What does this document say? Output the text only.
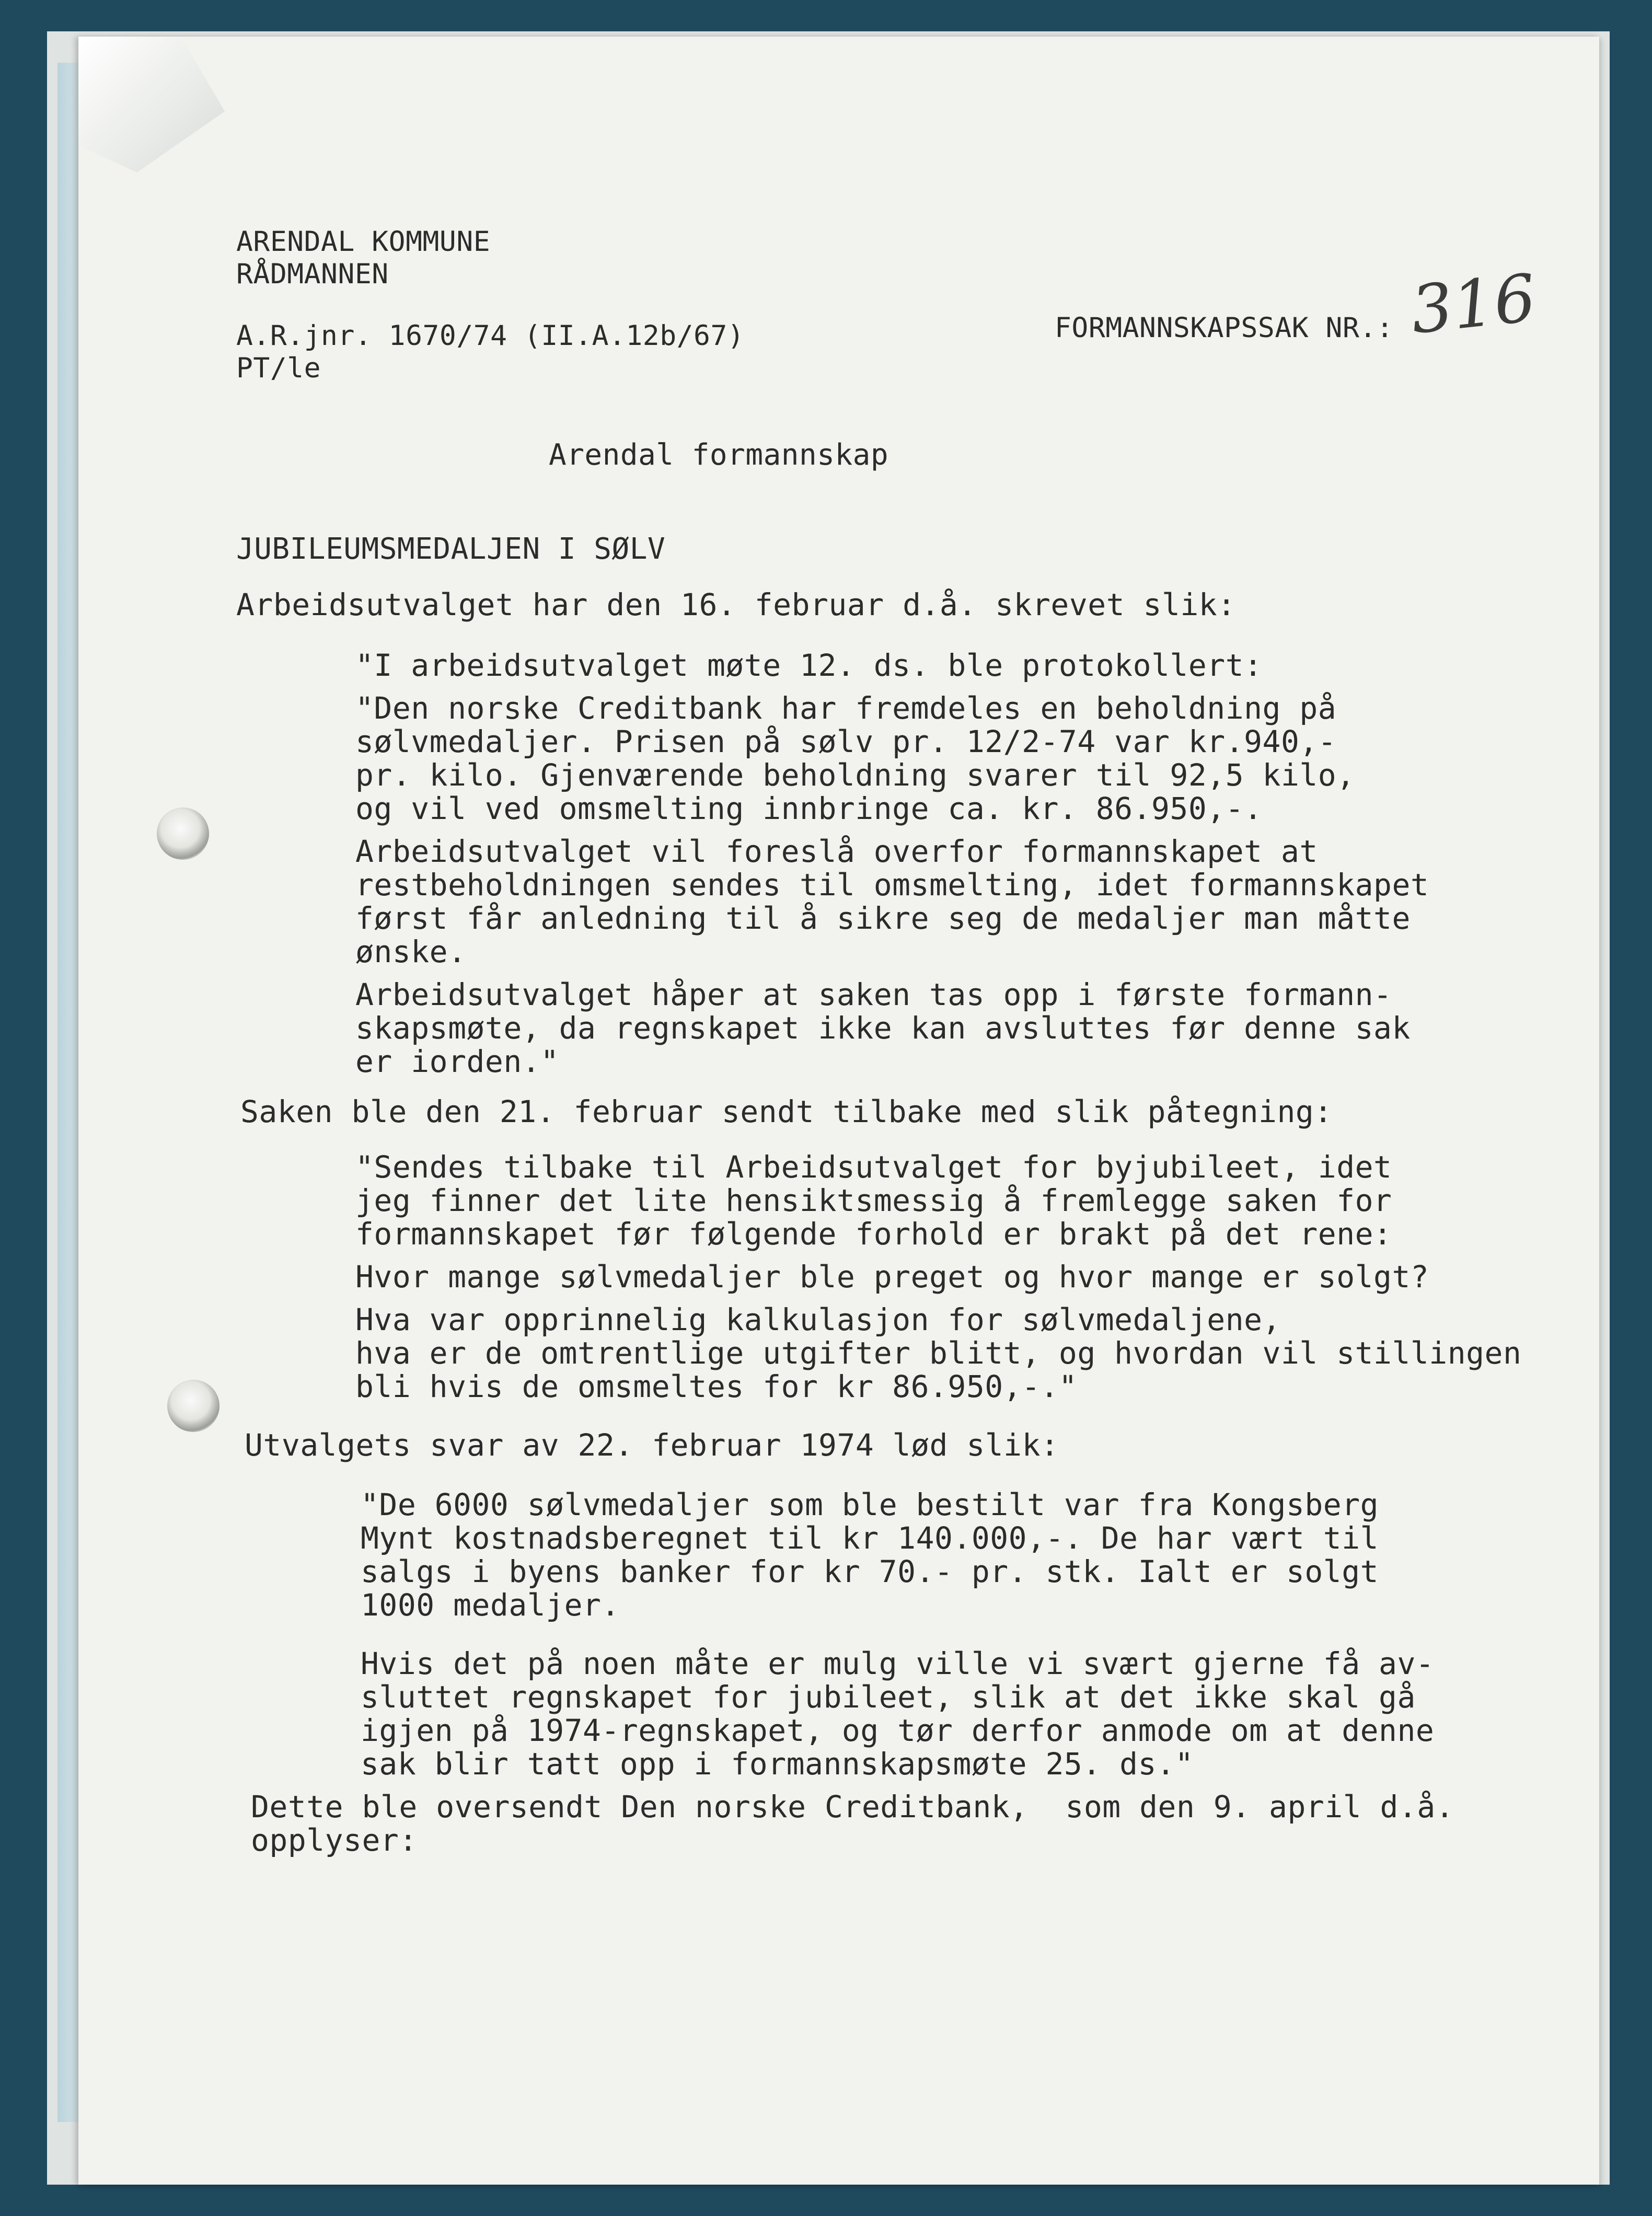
ARENDAL KOMMUNE
RÅDMANNEN
A.R.jnr. 1670/74 (II.A.12b/67)
PT/le
FORMANNSKAPSSAK NR.: 316
Arendal formannskap
JUBILEUMSMEDALJEN I SØLV
Arbeidsutvalget har den 16. februar d.å. skrevet slik:
"I arbeidsutvalget møte 12. ds. ble protokollert:
"Den norske Creditbank har fremdeles en beholdning på
sølvmedaljer. Prisen på sølv pr. 12/2-74 var kr.940,-
pr. kilo. Gjenværende beholdning svarer til 92,5 kilo,
og vil ved omsmelting innbringe ca. kr. 86.950,-.
Arbeidsutvalget vil foreslå overfor formannskapet at
restbeholdningen sendes til omsmelting, idet formannskapet
først får anledning til å sikre seg de medaljer man måtte
ønske.
Arbeidsutvalget håper at saken tas opp i første formann-
skapsmøte, da regnskapet ikke kan avsluttes før denne sak
er iorden."
Saken ble den 21. februar sendt tilbake med slik påtegning:
"Sendes tilbake til Arbeidsutvalget for byjubileet, idet
jeg finner det lite hensiktsmessig å fremlegge saken for
formannskapet før følgende forhold er brakt på det rene:
Hvor mange sølvmedaljer ble preget og hvor mange er solgt?
Hva var opprinnelig kalkulasjon for sølvmedaljene,
hva er de omtrentlige utgifter blitt, og hvordan vil stillingen
bli hvis de omsmeltes for kr 86.950,-."
Utvalgets svar av 22. februar 1974 lød slik:
"De 6000 sølvmedaljer som ble bestilt var fra Kongsberg
Mynt kostnadsberegnet til kr 140.000,-. De har vært til
salgs i byens banker for kr 70.- pr. stk. Ialt er solgt
1000 medaljer.
Hvis det på noen måte er mulg ville vi svært gjerne få av-
sluttet regnskapet for jubileet, slik at det ikke skal gå
igjen på 1974-regnskapet, og tør derfor anmode om at denne
sak blir tatt opp i formannskapsmøte 25. ds."
Dette ble oversendt Den norske Creditbank,  som den 9. april d.å.
opplyser:
